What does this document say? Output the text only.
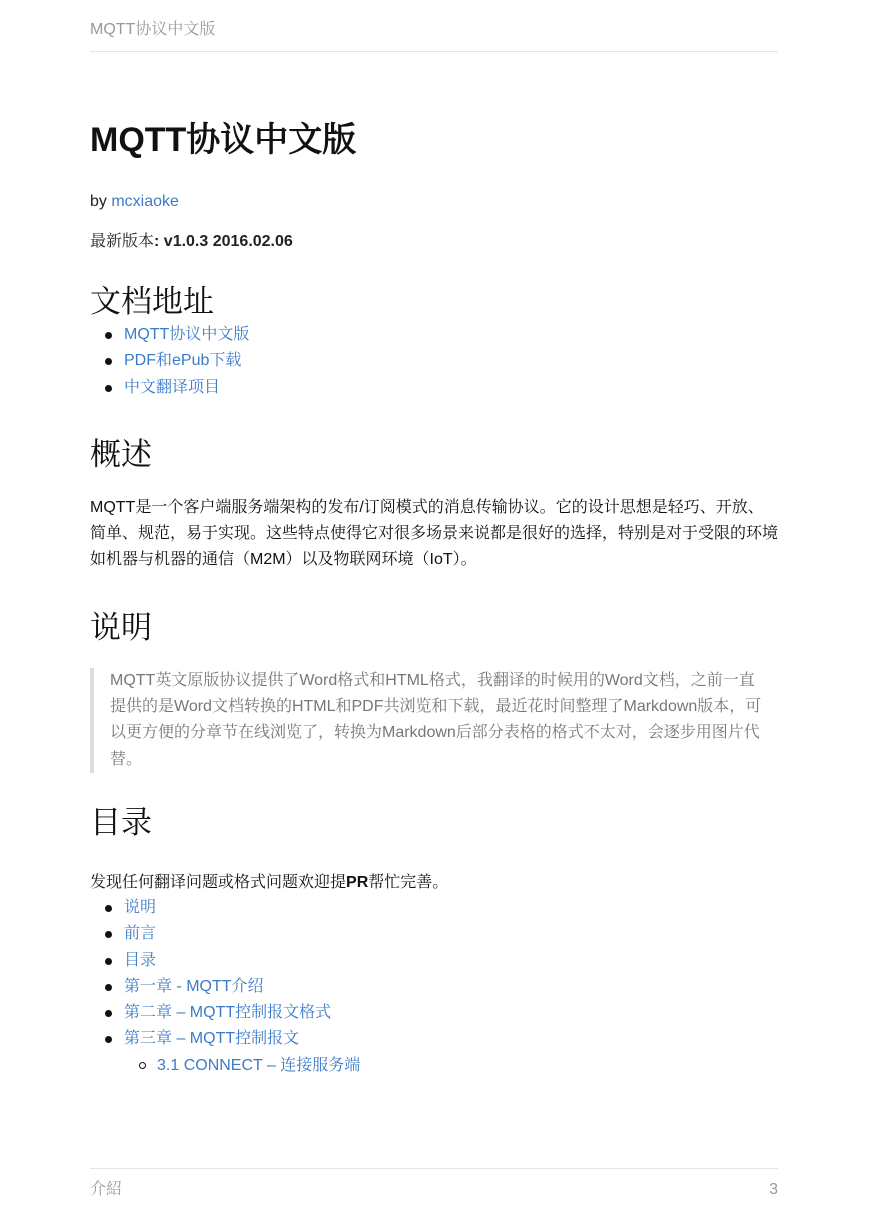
MQTT协议中文版
MQTT协议中文版
by mcxiaoke
最新版本: v1.0.3 2016.02.06
文档地址
MQTT协议中文版
PDF和ePub下载
中文翻译项目
概述

MQTT是一个客户端服务端架构的发布/订阅模式的消息传输协议。它的设计思想是轻巧、开放、简单、规范，易于实现。这些特点使得它对很多场景来说都是很好的选择，特别是对于受限的环境如机器与机器的通信（M2M）以及物联网环境（IoT）。

说明
MQTT英文原版协议提供了Word格式和HTML格式，我翻译的时候用的Word文档，之前一直提供的是Word文档转换的HTML和PDF共浏览和下载，最近花时间整理了Markdown版本，可以更方便的分章节在线浏览了，转换为Markdown后部分表格的格式不太对，会逐步用图片代替。
目录

发现任何翻译问题或格式问题欢迎提PR帮忙完善。

说明
前言
目录
第一章 - MQTT介绍
第二章 – MQTT控制报文格式
第三章 – MQTT控制报文
3.1 CONNECT – 连接服务端
介紹	3
